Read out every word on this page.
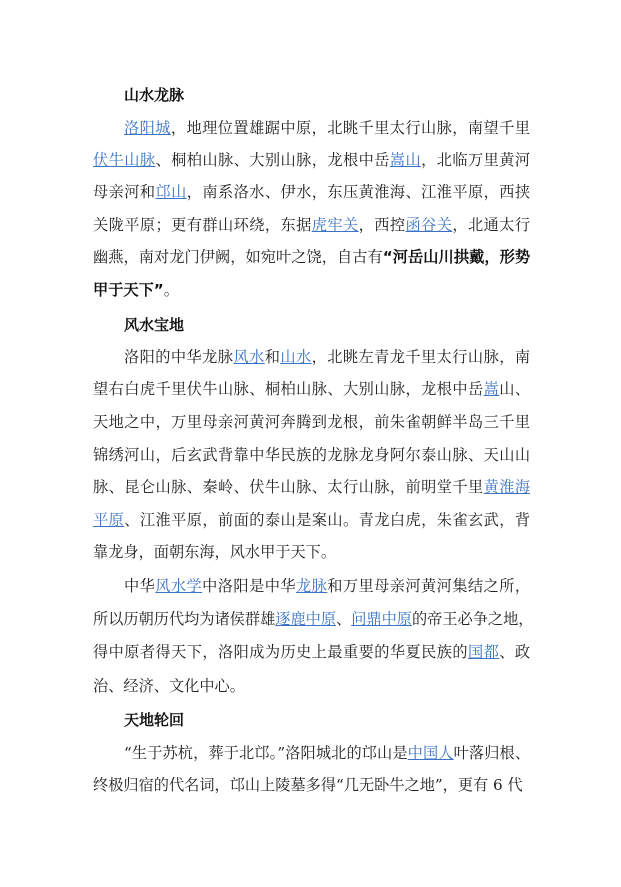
山水龙脉
洛阳城，地理位置雄踞中原，北眺千里太行山脉，南望千里
伏牛山脉、桐柏山脉、大别山脉，龙根中岳嵩山，北临万里黄河
母亲河和邙山，南系洛水、伊水，东压黄淮海、江淮平原，西挟
关陇平原；更有群山环绕，东据虎牢关，西控函谷关，北通太行
幽燕，南对龙门伊阙，如宛叶之饶，自古有“河岳山川拱戴，形势
甲于天下”。
风水宝地
洛阳的中华龙脉风水和山水，北眺左青龙千里太行山脉，南
望右白虎千里伏牛山脉、桐柏山脉、大别山脉，龙根中岳嵩山、
天地之中，万里母亲河黄河奔腾到龙根，前朱雀朝鲜半岛三千里
锦绣河山，后玄武背靠中华民族的龙脉龙身阿尔泰山脉、天山山
脉、昆仑山脉、秦岭、伏牛山脉、太行山脉，前明堂千里黄淮海
平原、江淮平原，前面的泰山是案山。青龙白虎，朱雀玄武，背
靠龙身，面朝东海，风水甲于天下。
中华风水学中洛阳是中华龙脉和万里母亲河黄河集结之所，
所以历朝历代均为诸侯群雄逐鹿中原、问鼎中原的帝王必争之地，
得中原者得天下，洛阳成为历史上最重要的华夏民族的国都、政
治、经济、文化中心。
天地轮回
“生于苏杭，葬于北邙。”洛阳城北的邙山是中国人叶落归根、
终极归宿的代名词，邙山上陵墓多得“几无卧牛之地”，更有 6 代
